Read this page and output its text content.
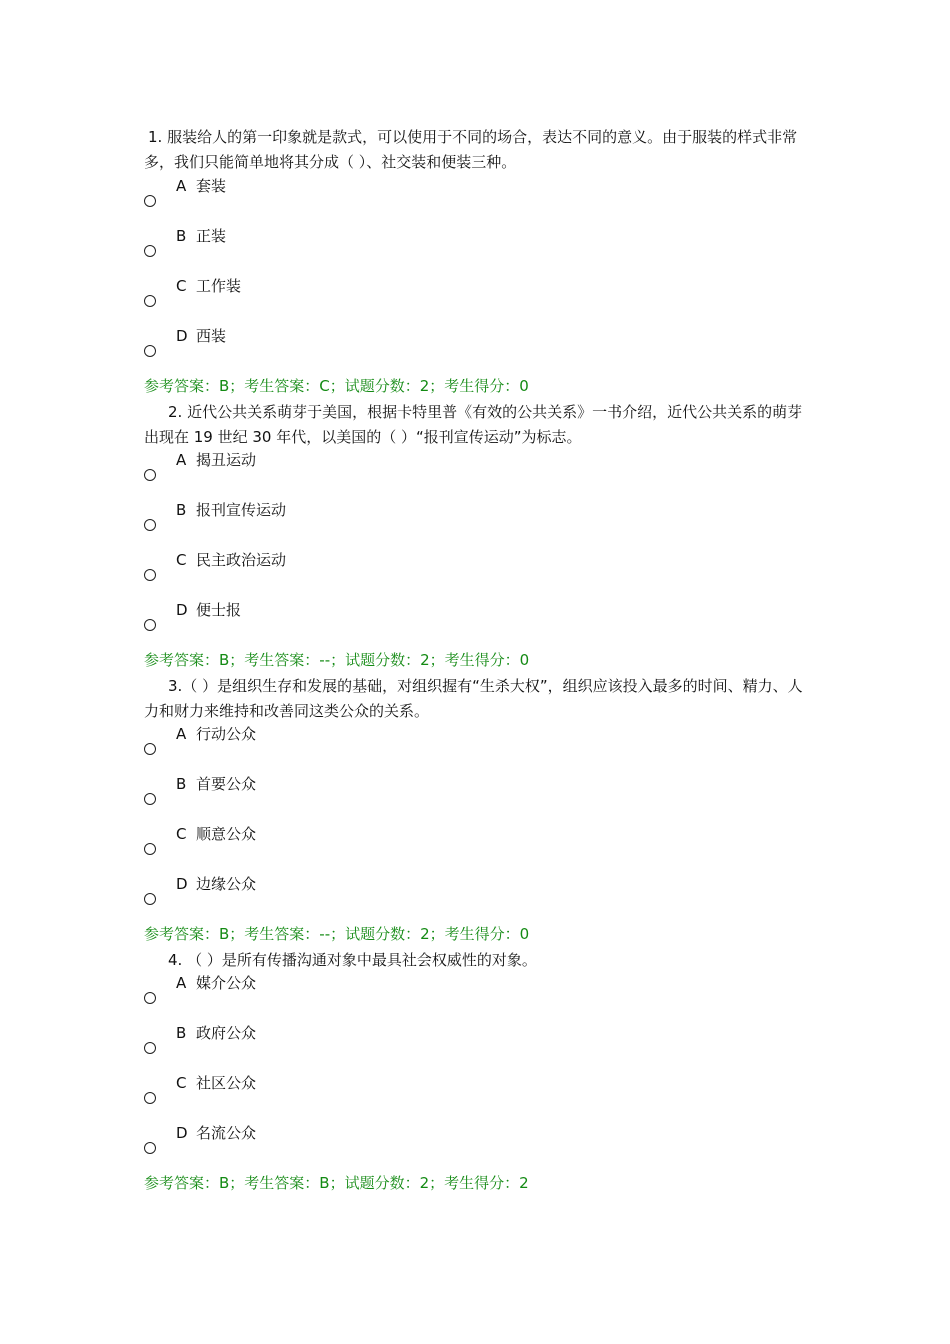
1. 服装给人的第一印象就是款式，可以使用于不同的场合，表达不同的意义。由于服装的样式非常多，我们只能简单地将其分成（ ）、社交装和便装三种。
A 套装
B 正装
C 工作装
D 西装
参考答案：B；考生答案：C；试题分数：2；考生得分：0
2. 近代公共关系萌芽于美国，根据卡特里普《有效的公共关系》一书介绍，近代公共关系的萌芽出现在 19 世纪 30 年代，以美国的（ ）“报刊宣传运动”为标志。
A 揭丑运动
B 报刊宣传运动
C 民主政治运动
D 便士报
参考答案：B；考生答案：--；试题分数：2；考生得分：0
3.（ ）是组织生存和发展的基础，对组织握有“生杀大权”，组织应该投入最多的时间、精力、人力和财力来维持和改善同这类公众的关系。
A 行动公众
B 首要公众
C 顺意公众
D 边缘公众
参考答案：B；考生答案：--；试题分数：2；考生得分：0
4. （ ）是所有传播沟通对象中最具社会权威性的对象。
A 媒介公众
B 政府公众
C 社区公众
D 名流公众
参考答案：B；考生答案：B；试题分数：2；考生得分：2
